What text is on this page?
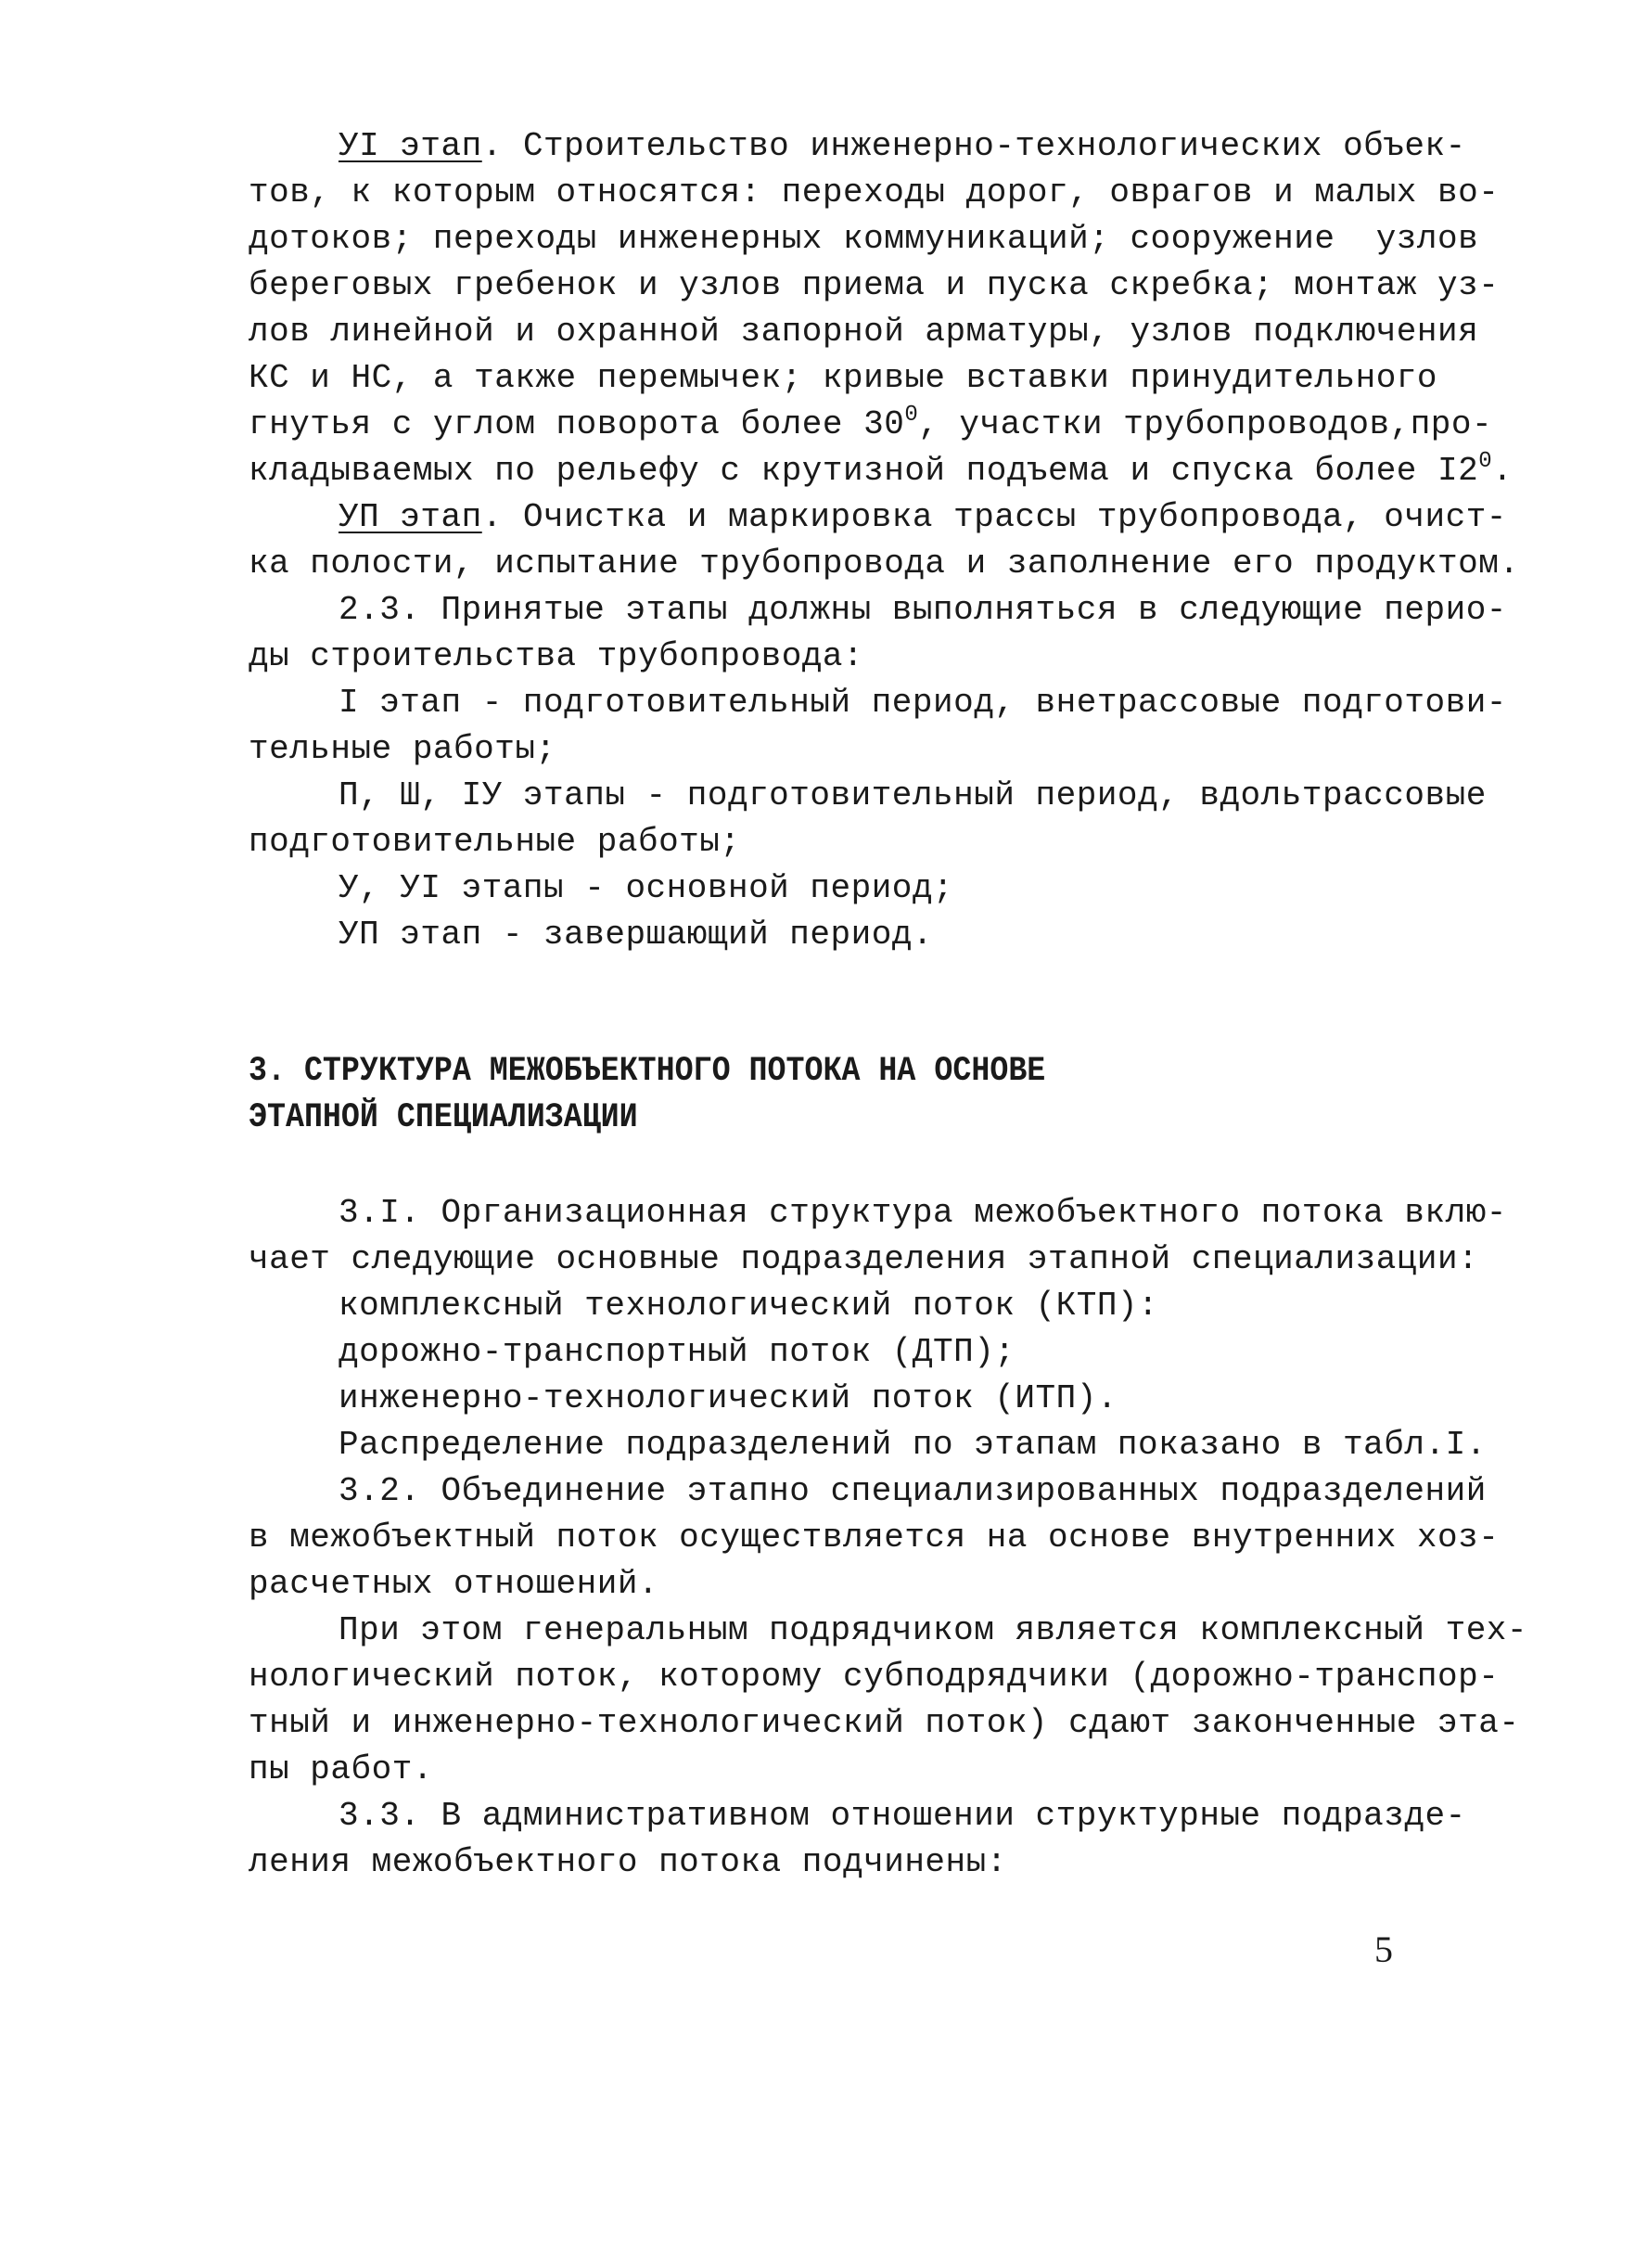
УI этап. Строительство инженерно-технологических объек-
тов, к которым относятся: переходы дорог, оврагов и малых во-
дотоков; переходы инженерных коммуникаций; сооружение  узлов
береговых гребенок и узлов приема и пуска скребка; монтаж уз-
лов линейной и охранной запорной арматуры, узлов подключения
КС и НС, а также перемычек; кривые вставки принудительного
гнутья с углом поворота более $30^0$, участки трубопроводов,про-
кладываемых по рельефу с крутизной подъема и спуска более $I2^0$.
УП этап. Очистка и маркировка трассы трубопровода, очист-
ка полости, испытание трубопровода и заполнение его продуктом.
2.3. Принятые этапы должны выполняться в следующие перио-
ды строительства трубопровода:
I этап - подготовительный период, внетрассовые подготови-
тельные работы;
П, Ш, IУ этапы - подготовительный период, вдольтрассовые
подготовительные работы;
У, УI этапы - основной период;
УП этап - завершающий период.
3. СТРУКТУРА МЕЖОБЪЕКТНОГО ПОТОКА НА ОСНОВЕ
ЭТАПНОЙ СПЕЦИАЛИЗАЦИИ
3.I. Организационная структура межобъектного потока вклю-
чает следующие основные подразделения этапной специализации:
комплексный технологический поток (КТП):
дорожно-транспортный поток (ДТП);
инженерно-технологический поток (ИТП).
Распределение подразделений по этапам показано в табл.I.
3.2. Объединение этапно специализированных подразделений
в межобъектный поток осуществляется на основе внутренних хоз-
расчетных отношений.
При этом генеральным подрядчиком является комплексный тех-
нологический поток, которому субподрядчики (дорожно-транспор-
тный и инженерно-технологический поток) сдают законченные эта-
пы работ.
3.3. В административном отношении структурные подразде-
ления межобъектного потока подчинены:
5
